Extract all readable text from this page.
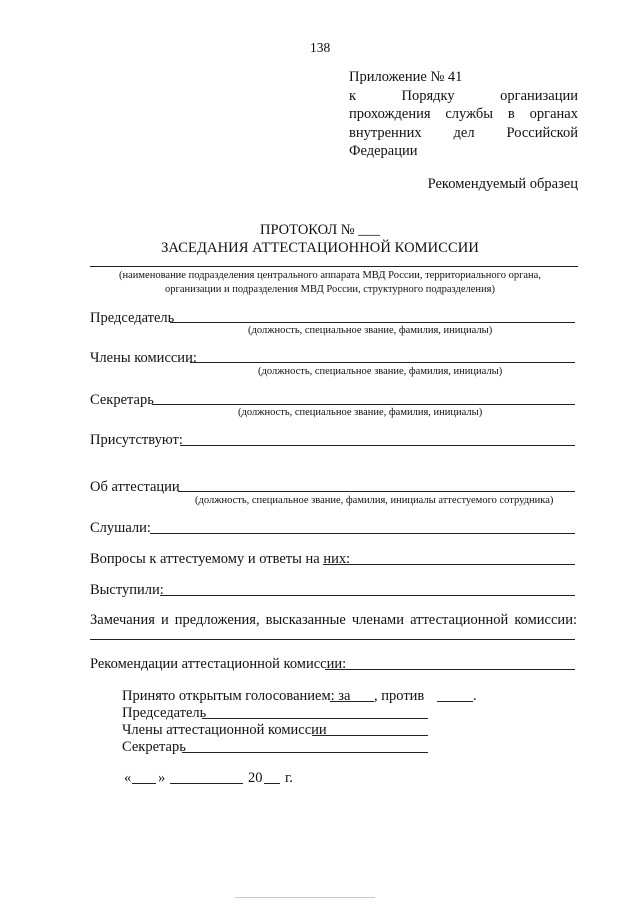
138
Приложение № 41
к	Порядку	организации
прохождения службы в органах
внутренних дел Российской
Федерации
Рекомендуемый образец
ПРОТОКОЛ № ___
ЗАСЕДАНИЯ АТТЕСТАЦИОННОЙ КОМИССИИ
(наименование подразделения центрального аппарата МВД России, территориального органа,
организации и подразделения МВД России, структурного подразделения)
Председатель
(должность, специальное звание, фамилия, инициалы)
Члены комиссии:
(должность, специальное звание, фамилия, инициалы)
Секретарь
(должность, специальное звание, фамилия, инициалы)
Присутствуют:
Об аттестации
(должность, специальное звание, фамилия, инициалы аттестуемого сотрудника)
Слушали:
Вопросы к аттестуемому и ответы на них:
Выступили:
Замечания и предложения, высказанные членами аттестационной комиссии:
Рекомендации аттестационной комиссии:
Принято открытым голосованием: за , против	.
Председатель
Члены аттестационной комиссии
Секретарь
« »	20 г.
